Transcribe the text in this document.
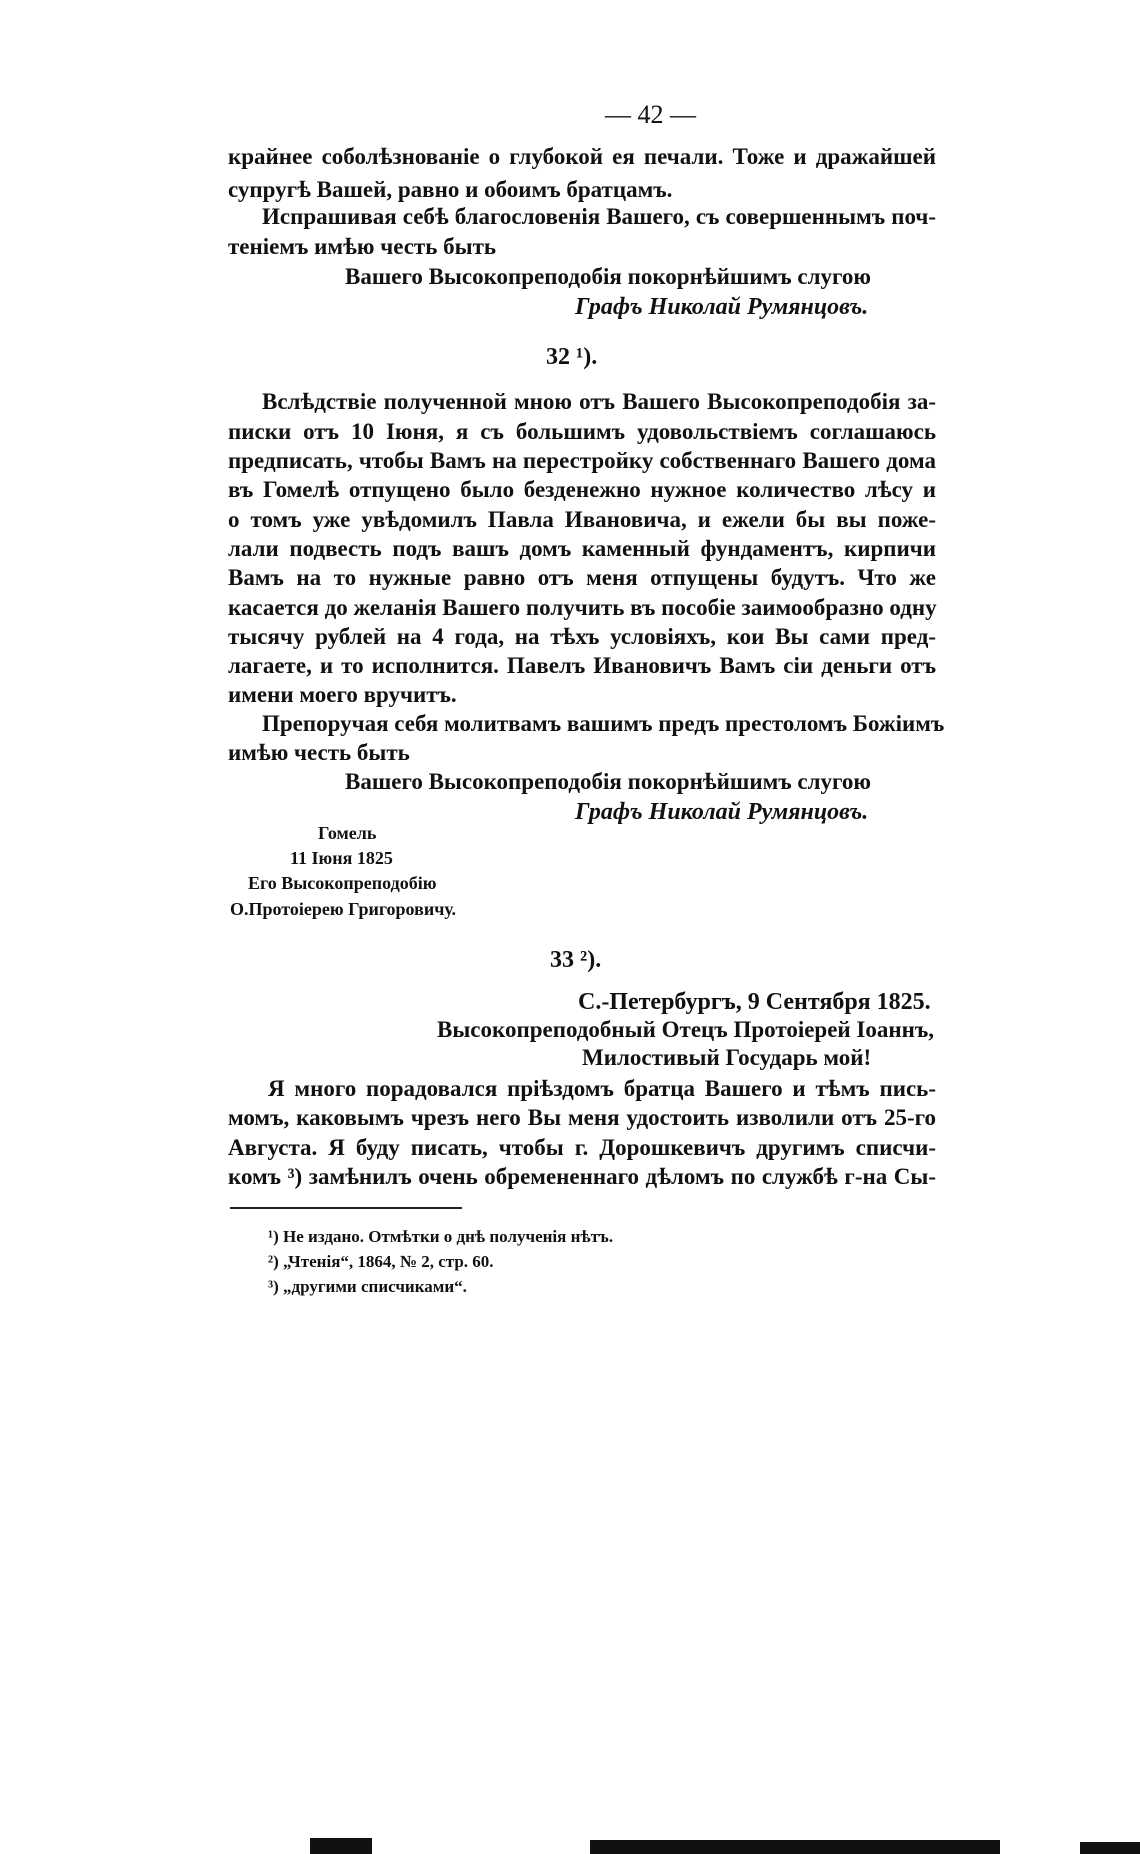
— 42 —
крайнее соболѣзнованіе о глубокой ея печали. Тоже и дражайшей
супругѣ Вашей, равно и обоимъ братцамъ.
Испрашивая себѣ благословенія Вашего, съ совершеннымъ поч-
теніемъ имѣю честь быть
Вашего Высокопреподобія покорнѣйшимъ слугою
Графъ Николай Румянцовъ.
32 ¹).
Вслѣдствіе полученной мною отъ Вашего Высокопреподобія за-
писки отъ 10 Іюня, я съ большимъ удовольствіемъ соглашаюсь
предписать, чтобы Вамъ на перестройку собственнаго Вашего дома
въ Гомелѣ отпущено было безденежно нужное количество лѣсу и
о томъ уже увѣдомилъ Павла Ивановича, и ежели бы вы поже-
лали подвесть подъ вашъ домъ каменный фундаментъ, кирпичи
Вамъ на то нужные равно отъ меня отпущены будутъ. Что же
касается до желанія Вашего получить въ пособіе заимообразно одну
тысячу рублей на 4 года, на тѣхъ условіяхъ, кои Вы сами пред-
лагаете, и то исполнится. Павелъ Ивановичъ Вамъ сіи деньги отъ
имени моего вручитъ.
Препоручая себя молитвамъ вашимъ предъ престоломъ Божіимъ
имѣю честь быть
Вашего Высокопреподобія покорнѣйшимъ слугою
Графъ Николай Румянцовъ.
Гомель
11 Іюня 1825
Его Высокопреподобію
О.Протоіерею Григоровичу.
33 ²).
С.-Петербургъ, 9 Сентября 1825.
Высокопреподобный Отецъ Протоіерей Іоаннъ,
Милостивый Государь мой!
Я много порадовался пріѣздомъ братца Вашего и тѣмъ пись-
момъ, каковымъ чрезъ него Вы меня удостоить изволили отъ 25-го
Августа. Я буду писать, чтобы г. Дорошкевичъ другимъ списчи-
комъ ³) замѣнилъ очень обремененнаго дѣломъ по службѣ г-на Сы-
¹) Не издано. Отмѣтки о днѣ полученія нѣтъ.
²) „Чтенія“, 1864, № 2, стр. 60.
³) „другими списчиками“.
